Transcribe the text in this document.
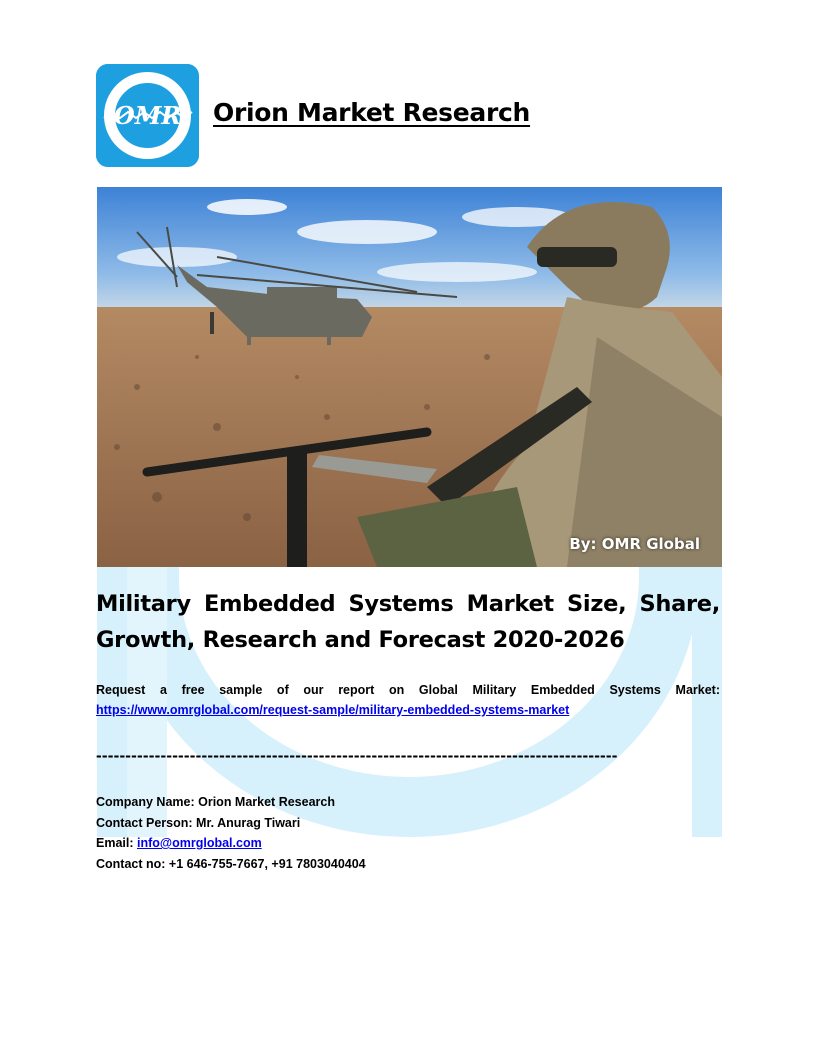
OMR Orion Market Research
By: OMR Global
Military Embedded Systems Market Size, Share, Growth, Research and Forecast 2020-2026
Request a free sample of our report on Global Military Embedded Systems Market:
https://www.omrglobal.com/request-sample/military-embedded-systems-market
-----------------------------------------------------------------------------------------
Company Name: Orion Market Research
Contact Person: Mr. Anurag Tiwari
Email: info@omrglobal.com
Contact no: +1 646-755-7667, +91 7803040404
